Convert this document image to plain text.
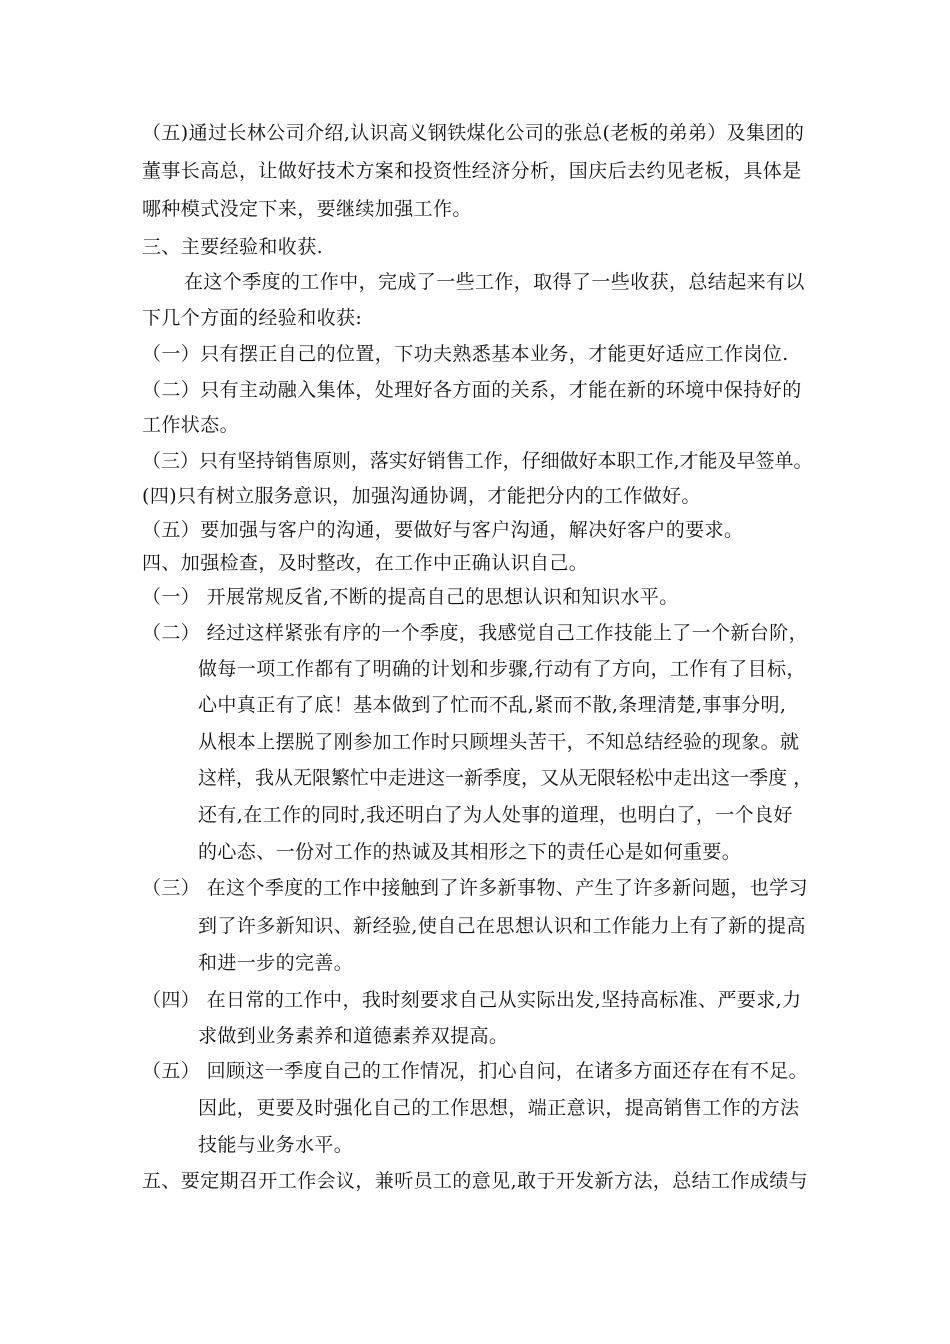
（五)通过长林公司介绍,认识高义钢铁煤化公司的张总(老板的弟弟）及集团的
董事长高总，让做好技术方案和投资性经济分析，国庆后去约见老板，具体是
哪种模式没定下来，要继续加强工作。
三、主要经验和收获.
在这个季度的工作中，完成了一些工作，取得了一些收获，总结起来有以
下几个方面的经验和收获:
（一）只有摆正自己的位置，下功夫熟悉基本业务，才能更好适应工作岗位.
（二）只有主动融入集体，处理好各方面的关系，才能在新的环境中保持好的
工作状态。
（三）只有坚持销售原则，落实好销售工作，仔细做好本职工作,才能及早签单。
(四)只有树立服务意识，加强沟通协调，才能把分内的工作做好。
（五）要加强与客户的沟通，要做好与客户沟通，解决好客户的要求。
四、加强检查，及时整改，在工作中正确认识自己。
（一） 开展常规反省,不断的提高自己的思想认识和知识水平。
（二） 经过这样紧张有序的一个季度，我感觉自己工作技能上了一个新台阶，
做每一项工作都有了明确的计划和步骤,行动有了方向，工作有了目标，
心中真正有了底！基本做到了忙而不乱,紧而不散,条理清楚,事事分明,
从根本上摆脱了刚参加工作时只顾埋头苦干，不知总结经验的现象。就
这样，我从无限繁忙中走进这一新季度，又从无限轻松中走出这一季度 ，
还有,在工作的同时,我还明白了为人处事的道理，也明白了，一个良好
的心态、一份对工作的热诚及其相形之下的责任心是如何重要。
（三） 在这个季度的工作中接触到了许多新事物、产生了许多新问题，也学习
到了许多新知识、新经验,使自己在思想认识和工作能力上有了新的提高
和进一步的完善。
（四） 在日常的工作中，我时刻要求自己从实际出发,坚持高标准、严要求,力
求做到业务素养和道德素养双提高。
（五） 回顾这一季度自己的工作情况，扪心自问，在诸多方面还存在有不足。
因此，更要及时强化自己的工作思想，端正意识，提高销售工作的方法
技能与业务水平。
五、要定期召开工作会议，兼听员工的意见,敢于开发新方法，总结工作成绩与
